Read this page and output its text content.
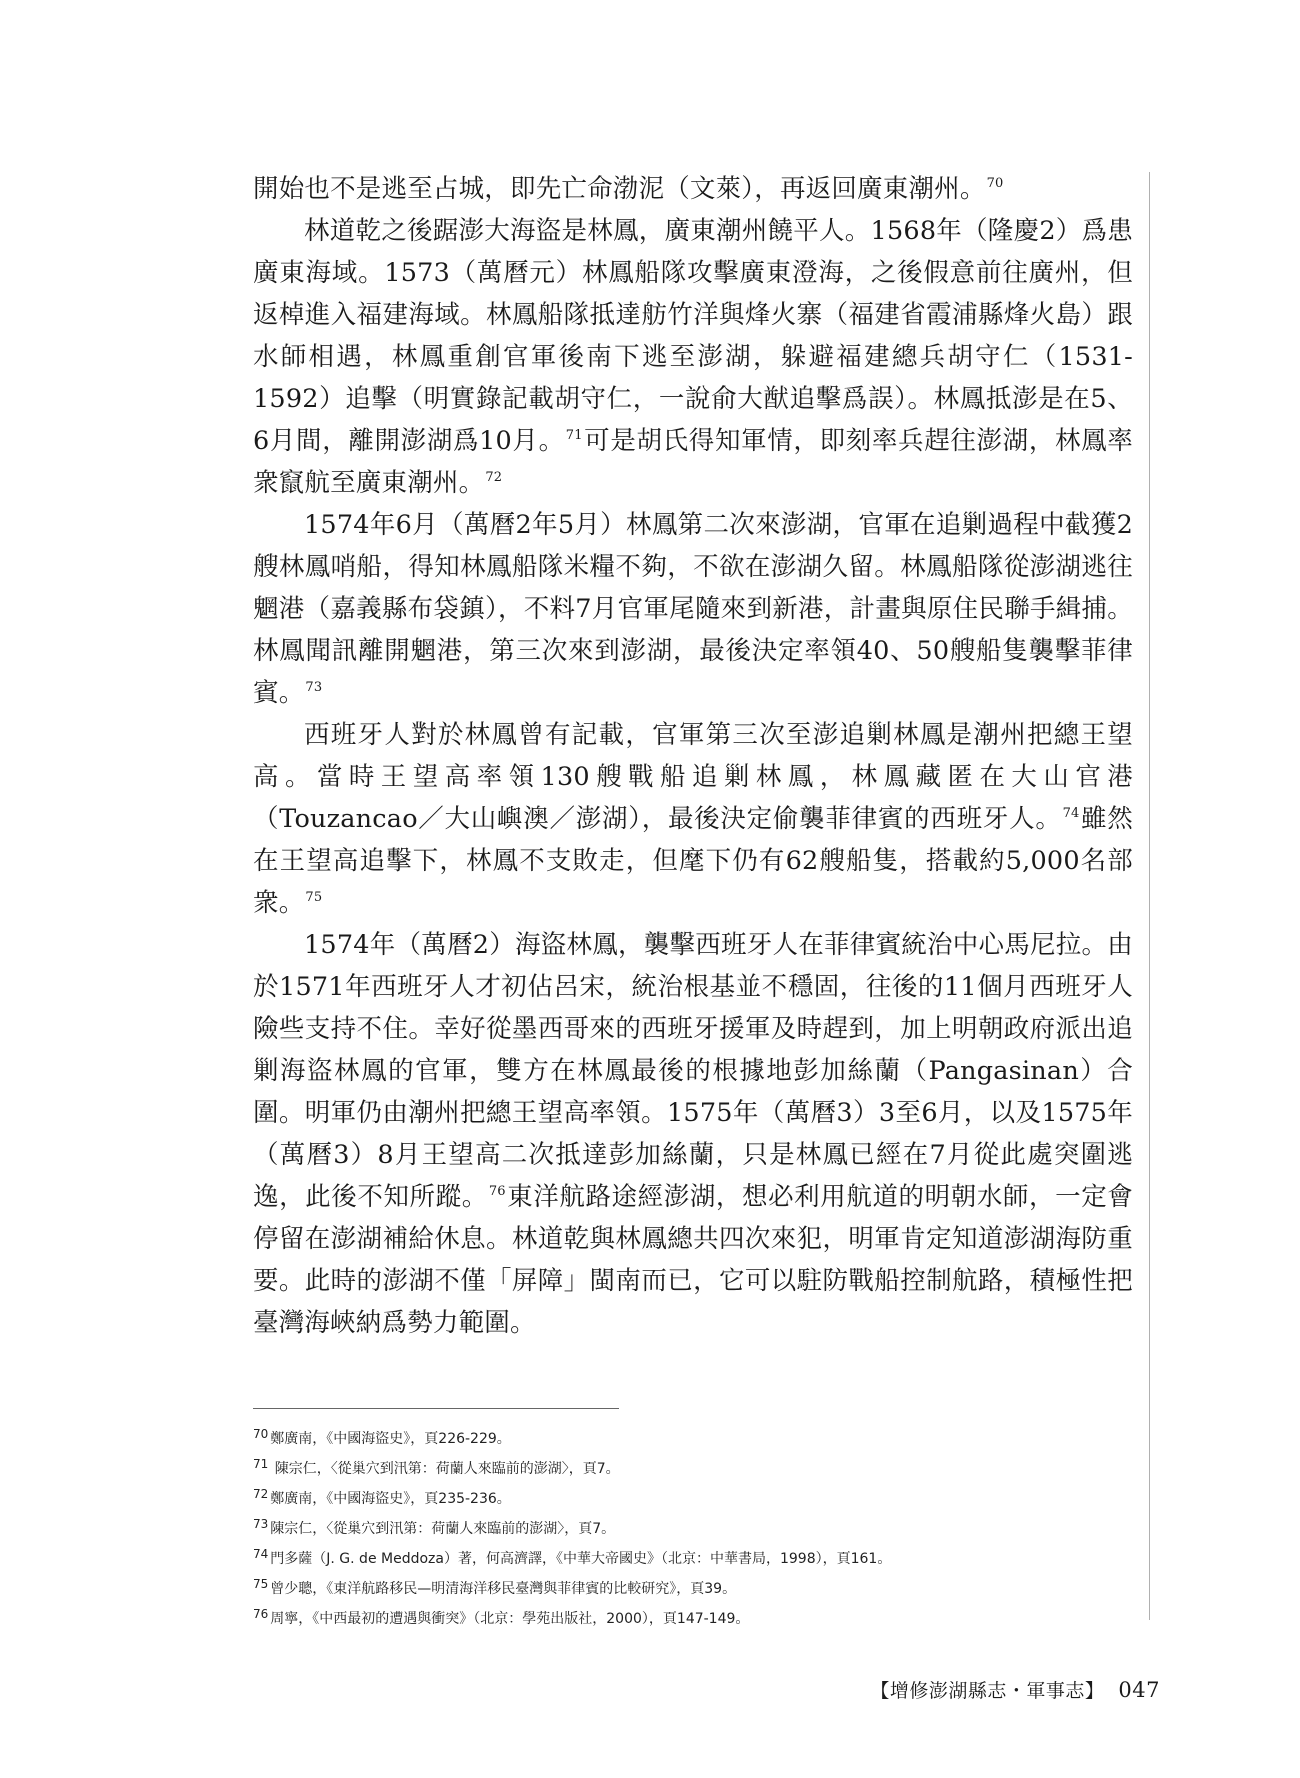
開始也不是逃至占城，即先亡命渤泥（文萊），再返回廣東潮州。$^{70}$

林道乾之後踞澎大海盜是林鳳，廣東潮州饒平人。1568年（隆慶2）爲患廣東海域。1573（萬曆元）林鳳船隊攻擊廣東澄海，之後假意前往廣州，但返棹進入福建海域。林鳳船隊抵達舫竹洋與烽火寨（福建省霞浦縣烽火島）跟水師相遇，林鳳重創官軍後南下逃至澎湖，躲避福建總兵胡守仁（1531-1592）追擊（明實錄記載胡守仁，一說俞大猷追擊爲誤）。林鳳抵澎是在5、6月間，離開澎湖爲10月。$^{71}$可是胡氏得知軍情，即刻率兵趕往澎湖，林鳳率衆竄航至廣東潮州。$^{72}$

1574年6月（萬曆2年5月）林鳳第二次來澎湖，官軍在追剿過程中截獲2艘林鳳哨船，得知林鳳船隊米糧不夠，不欲在澎湖久留。林鳳船隊從澎湖逃往魍港（嘉義縣布袋鎮），不料7月官軍尾隨來到新港，計畫與原住民聯手緝捕。林鳳聞訊離開魍港，第三次來到澎湖，最後決定率領40、50艘船隻襲擊菲律賓。$^{73}$

西班牙人對於林鳳曾有記載，官軍第三次至澎追剿林鳳是潮州把總王望高。當時王望高率領130艘戰船追剿林鳳，林鳳藏匿在大山官港（Touzancao／大山嶼澳／澎湖），最後決定偷襲菲律賓的西班牙人。$^{74}$雖然在王望高追擊下，林鳳不支敗走，但麾下仍有62艘船隻，搭載約5,000名部衆。$^{75}$

1574年（萬曆2）海盜林鳳，襲擊西班牙人在菲律賓統治中心馬尼拉。由於1571年西班牙人才初佔呂宋，統治根基並不穩固，往後的11個月西班牙人險些支持不住。幸好從墨西哥來的西班牙援軍及時趕到，加上明朝政府派出追剿海盜林鳳的官軍，雙方在林鳳最後的根據地彭加絲蘭（Pangasinan）合圍。明軍仍由潮州把總王望高率領。1575年（萬曆3）3至6月，以及1575年（萬曆3）8月王望高二次抵達彭加絲蘭，只是林鳳已經在7月從此處突圍逃逸，此後不知所蹤。$^{76}$東洋航路途經澎湖，想必利用航道的明朝水師，一定會停留在澎湖補給休息。林道乾與林鳳總共四次來犯，明軍肯定知道澎湖海防重要。此時的澎湖不僅「屏障」閩南而已，它可以駐防戰船控制航路，積極性把臺灣海峽納爲勢力範圍。

70 鄭廣南，《中國海盜史》，頁226-229。
71 陳宗仁，〈從巢穴到汛第：荷蘭人來臨前的澎湖〉，頁7。
72 鄭廣南，《中國海盜史》，頁235-236。
73 陳宗仁，〈從巢穴到汛第：荷蘭人來臨前的澎湖〉，頁7。
74 門多薩（J. G. de Meddoza）著，何高濟譯，《中華大帝國史》（北京：中華書局，1998），頁161。
75 曾少聰，《東洋航路移民—明清海洋移民臺灣與菲律賓的比較研究》，頁39。
76 周寧，《中西最初的遭遇與衝突》（北京：學苑出版社，2000），頁147-149。
【增修澎湖縣志・軍事志】 047
